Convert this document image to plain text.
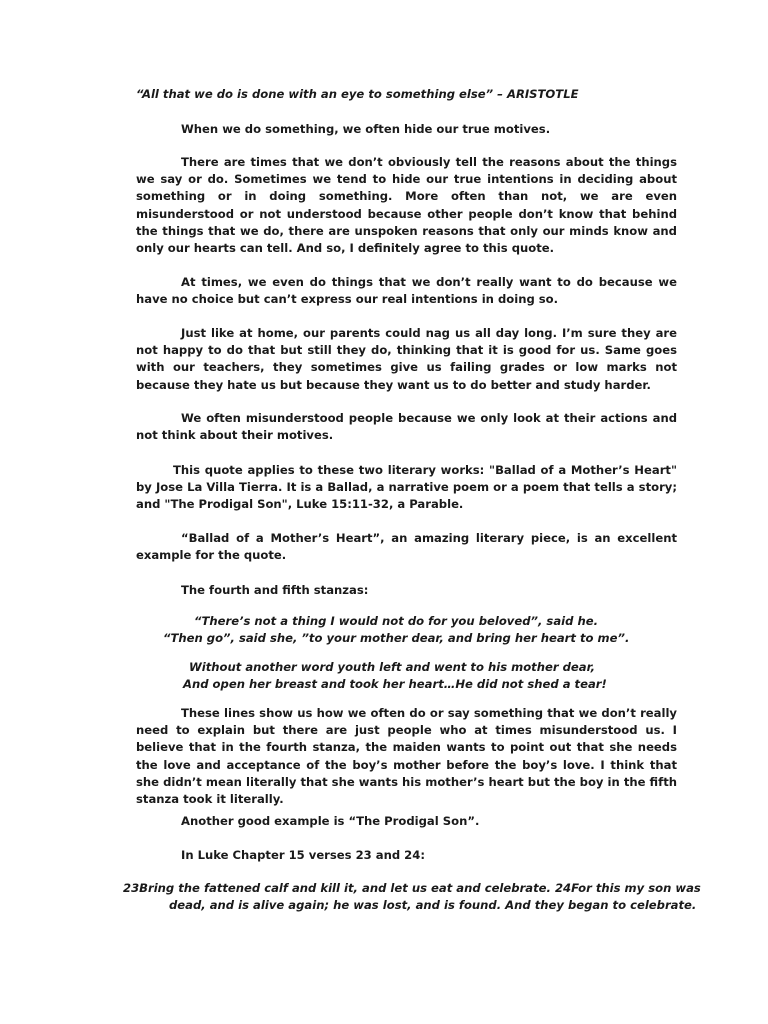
“All that we do is done with an eye to something else” – ARISTOTLE

When we do something, we often hide our true motives.

There are times that we don’t obviously tell the reasons about the things we say or do. Sometimes we tend to hide our true intentions in deciding about something or in doing something. More often than not, we are even misunderstood or not understood because other people don’t know that behind the things that we do, there are unspoken reasons that only our minds know and only our hearts can tell. And so, I definitely agree to this quote.

At times, we even do things that we don’t really want to do because we have no choice but can’t express our real intentions in doing so.

Just like at home, our parents could nag us all day long. I’m sure they are not happy to do that but still they do, thinking that it is good for us. Same goes with our teachers, they sometimes give us failing grades or low marks not because they hate us but because they want us to do better and study harder.

We often misunderstood people because we only look at their actions and not think about their motives.

This quote applies to these two literary works: "Ballad of a Mother’s Heart" by Jose La Villa Tierra. It is a Ballad, a narrative poem or a poem that tells a story; and "The Prodigal Son", Luke 15:11-32, a Parable.

“Ballad of a Mother’s Heart”, an amazing literary piece, is an excellent example for the quote.

The fourth and fifth stanzas:

“There’s not a thing I would not do for you beloved”, said he.

“Then go”, said she, ”to your mother dear, and bring her heart to me”.

Without another word youth left and went to his mother dear,

And open her breast and took her heart…He did not shed a tear!

These lines show us how we often do or say something that we don’t really need to explain but there are just people who at times misunderstood us. I believe that in the fourth stanza, the maiden wants to point out that she needs the love and acceptance of the boy’s mother before the boy’s love. I think that she didn’t mean literally that she wants his mother’s heart but the boy in the fifth stanza took it literally.

Another good example is “The Prodigal Son”.

In Luke Chapter 15 verses 23 and 24:

23Bring the fattened calf and kill it, and let us eat and celebrate. 24For this my son was
dead, and is alive again; he was lost, and is found. And they began to celebrate.
